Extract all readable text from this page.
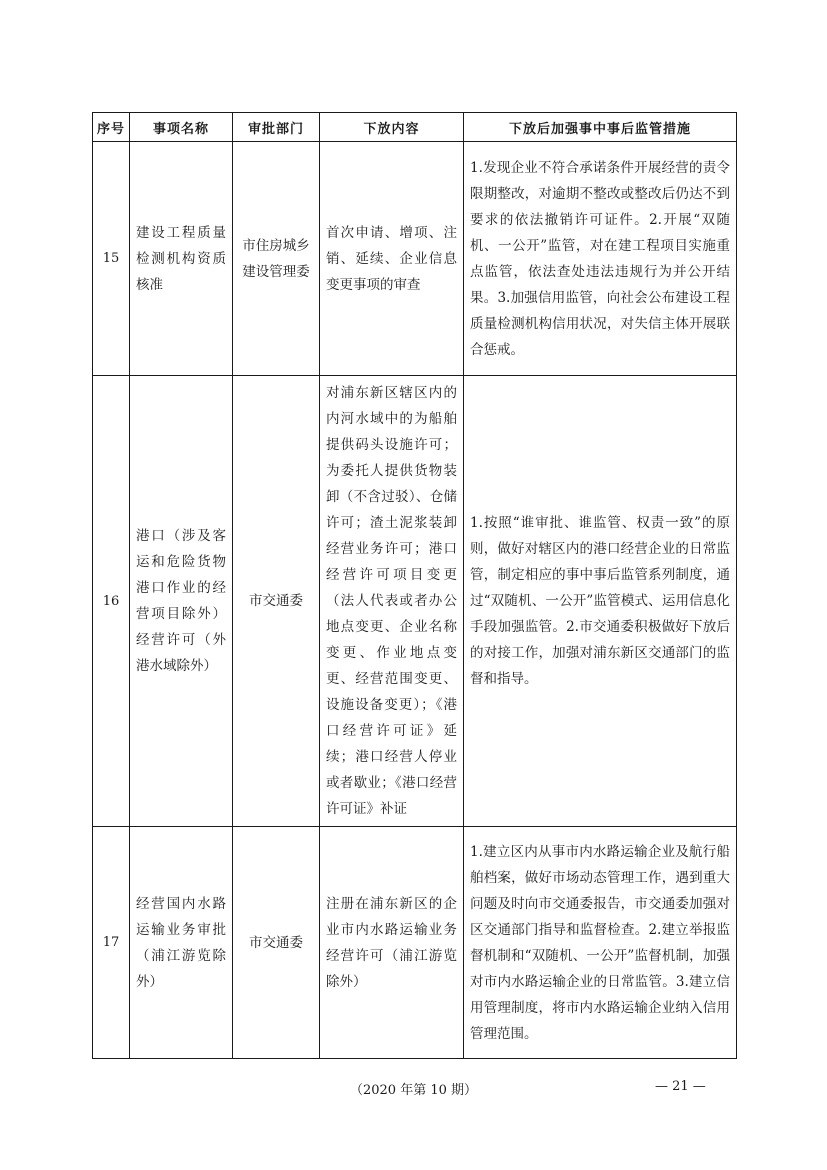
序号	事项名称	审批部门	下放内容	下放后加强事中事后监管措施
15	建设工程质量检测机构资质核准	市住房城乡建设管理委	首次申请、增项、注销、延续、企业信息变更事项的审查	1.发现企业不符合承诺条件开展经营的责令限期整改，对逾期不整改或整改后仍达不到要求的依法撤销许可证件。2.开展“双随机、一公开”监管，对在建工程项目实施重点监管，依法查处违法违规行为并公开结果。3.加强信用监管，向社会公布建设工程质量检测机构信用状况，对失信主体开展联合惩戒。

16	港口（涉及客运和危险货物港口作业的经营项目除外）经营许可（外港水域除外）	市交通委	对浦东新区辖区内的内河水域中的为船舶提供码头设施许可；为委托人提供货物装卸（不含过驳）、仓储许可；渣土泥浆装卸经营业务许可；港口经营许可项目变更（法人代表或者办公地点变更、企业名称变更、作业地点变更、经营范围变更、设施设备变更）；《港口经营许可证》延续；港口经营人停业或者歇业；《港口经营许可证》补证	1.按照“谁审批、谁监管、权责一致”的原则，做好对辖区内的港口经营企业的日常监管，制定相应的事中事后监管系列制度，通过“双随机、一公开”监管模式、运用信息化手段加强监管。2.市交通委积极做好下放后的对接工作，加强对浦东新区交通部门的监督和指导。

17	经营国内水路运输业务审批（浦江游览除外）	市交通委	注册在浦东新区的企业市内水路运输业务经营许可（浦江游览除外）	1.建立区内从事市内水路运输企业及航行船舶档案，做好市场动态管理工作，遇到重大问题及时向市交通委报告，市交通委加强对区交通部门指导和监督检查。2.建立举报监督机制和“双随机、一公开”监督机制，加强对市内水路运输企业的日常监管。3.建立信用管理制度，将市内水路运输企业纳入信用管理范围。
（2020 年第 10 期）	— 21 —
